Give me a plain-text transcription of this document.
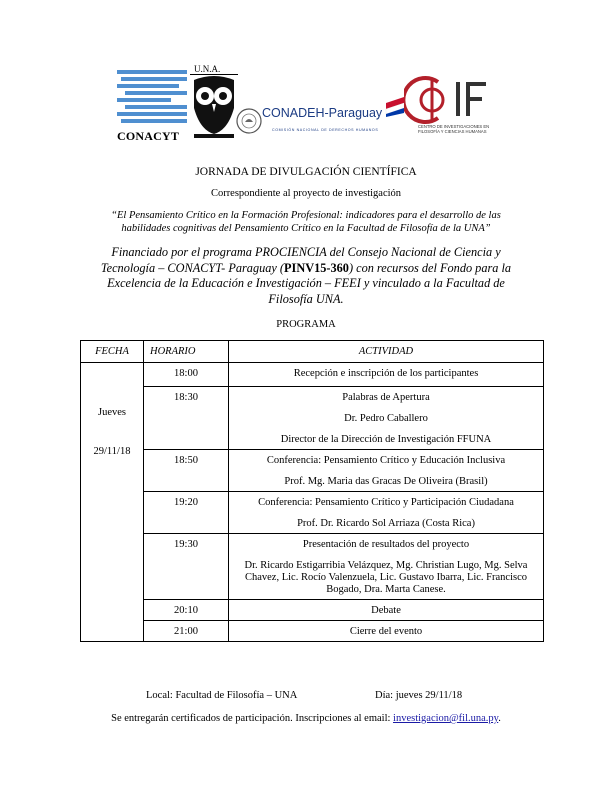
CONACYT
U.N.A.
CONADEH-Paraguay
COMISIÓN NACIONAL DE DERECHOS HUMANOS
CENTRO DE INVESTIGACIONES EN FILOSOFÍA Y CIENCIAS HUMANAS
JORNADA DE DIVULGACIÓN CIENTÍFICA
Correspondiente al proyecto de investigación
“El Pensamiento Crítico en la Formación Profesional: indicadores para el desarrollo de las habilidades cognitivas del Pensamiento Crítico en la Facultad de Filosofía de la UNA”
Financiado por el programa PROCIENCIA del Consejo Nacional de Ciencia y Tecnología – CONACYT- Paraguay (PINV15-360) con recursos del Fondo para la Excelencia de la Educación e Investigación – FEEI y vinculado a la Facultad de Filosofía UNA.
PROGRAMA
FECHA	HORARIO	ACTIVIDAD

Jueves
29/11/18	18:00	Recepción e inscripción de los participantes

	18:30	Palabras de Apertura

Dr. Pedro Caballero

Director de la Dirección de Investigación FFUNA

	18:50	Conferencia: Pensamiento Crítico y Educación Inclusiva

Prof. Mg. Maria das Gracas De Oliveira (Brasil)

	19:20	Conferencia: Pensamiento Crítico y Participación Ciudadana

Prof. Dr. Ricardo Sol Arriaza (Costa Rica)

	19:30	Presentación de resultados del proyecto

Dr. Ricardo Estigarribia Velázquez, Mg. Christian Lugo, Mg. Selva Chavez, Lic. Rocío Valenzuela, Lic. Gustavo Ibarra, Lic. Francisco Bogado, Dra. Marta Canese.

	20:10	Debate

	21:00	Cierre del evento

Local: Facultad de Filosofía – UNA	Día: jueves 29/11/18
Se entregarán certificados de participación. Inscripciones al email: investigacion@fil.una.py.
